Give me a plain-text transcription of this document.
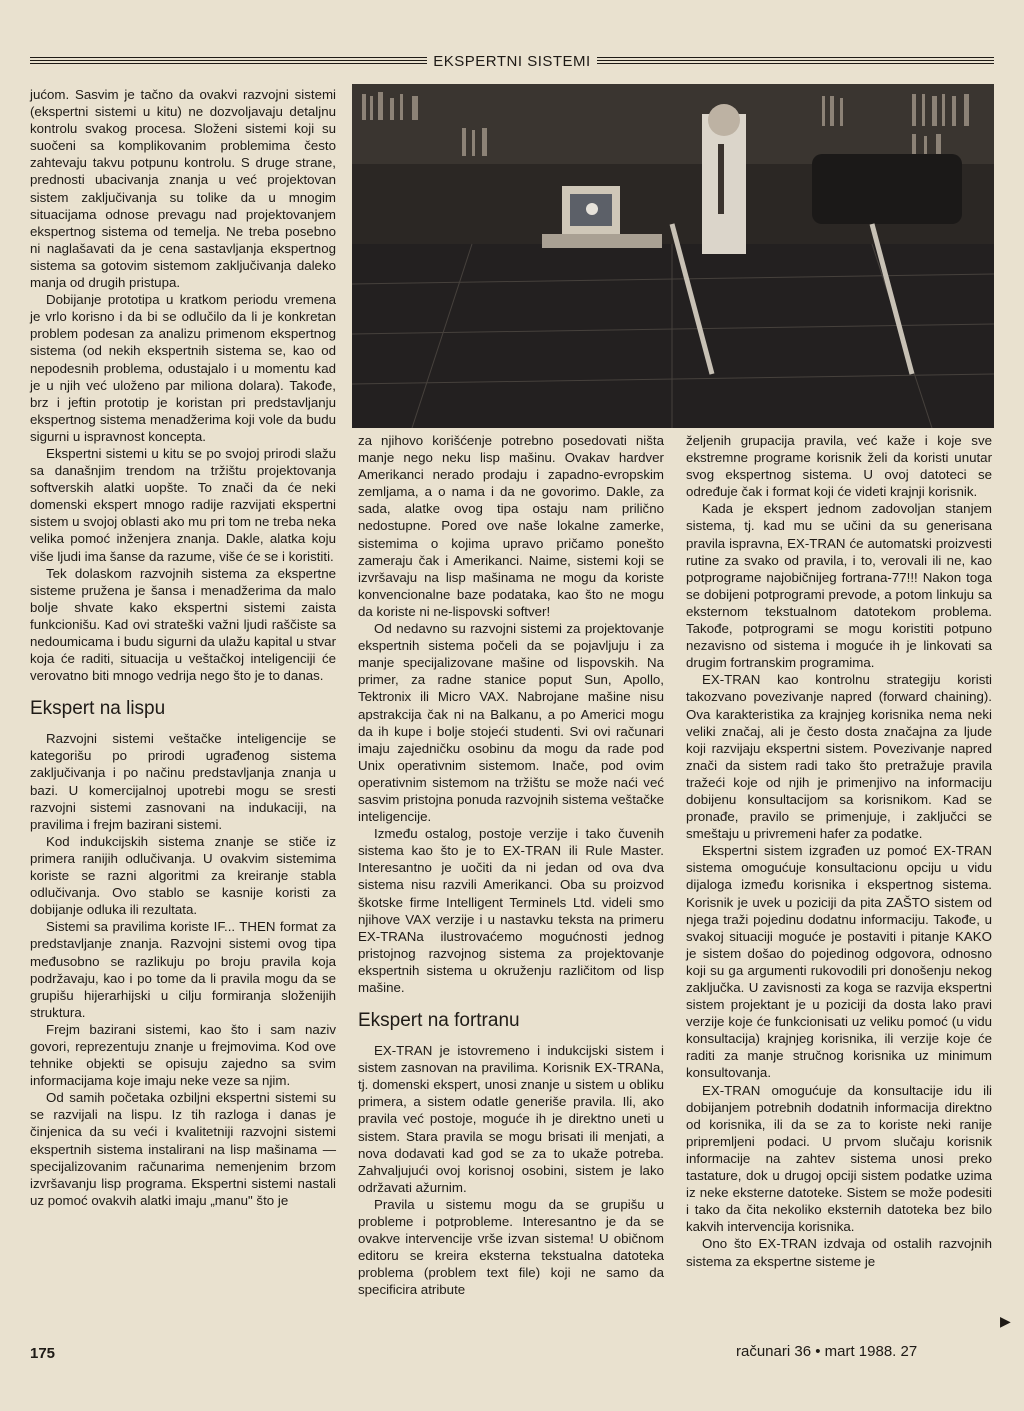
EKSPERTNI SISTEMI

jućom. Sasvim je tačno da ovakvi razvojni sistemi (ekspertni sistemi u kitu) ne dozvoljavaju detaljnu kontrolu svakog procesa. Složeni sistemi koji su suočeni sa komplikovanim problemima često zahtevaju takvu potpunu kontrolu. S druge strane, prednosti ubacivanja znanja u već projektovan sistem zaključivanja su tolike da u mnogim situacijama odnose prevagu nad projektovanjem ekspertnog sistema od temelja. Ne treba posebno ni naglašavati da je cena sastavljanja ekspertnog sistema sa gotovim sistemom zaključivanja daleko manja od drugih pristupa.

Dobijanje prototipa u kratkom periodu vremena je vrlo korisno i da bi se odlučilo da li je konkretan problem podesan za analizu primenom ekspertnog sistema (od nekih ekspertnih sistema se, kao od nepodesnih problema, odustajalo i u momentu kad je u njih već uloženo par miliona dolara). Takođe, brz i jeftin prototip je koristan pri predstavljanju ekspertnog sistema menadžerima koji vole da budu sigurni u ispravnost koncepta.

Ekspertni sistemi u kitu se po svojoj prirodi slažu sa današnjim trendom na tržištu projektovanja softverskih alatki uopšte. To znači da će neki domenski ekspert mnogo radije razvijati ekspertni sistem u svojoj oblasti ako mu pri tom ne treba neka velika pomoć inženjera znanja. Dakle, alatka koju više ljudi ima šanse da razume, više će se i koristiti.

Tek dolaskom razvojnih sistema za ekspertne sisteme pružena je šansa i menadžerima da malo bolje shvate kako ekspertni sistemi zaista funkcionišu. Kad ovi strateški važni ljudi raščiste sa nedoumicama i budu sigurni da ulažu kapital u stvar koja će raditi, situacija u veštačkoj inteligenciji će verovatno biti mnogo vedrija nego što je to danas.

Ekspert na lispu

Razvojni sistemi veštačke inteligencije se kategorišu po prirodi ugrađenog sistema zaključivanja i po načinu predstavljanja znanja u bazi. U komercijalnoj upotrebi mogu se sresti razvojni sistemi zasnovani na indukaciji, na pravilima i frejm bazirani sistemi.

Kod indukcijskih sistema znanje se stiče iz primera ranijih odlučivanja. U ovakvim sistemima koriste se razni algoritmi za kreiranje stabla odlučivanja. Ovo stablo se kasnije koristi za dobijanje odluka ili rezultata.

Sistemi sa pravilima koriste IF... THEN format za predstavljanje znanja. Razvojni sistemi ovog tipa međusobno se razlikuju po broju pravila koja podržavaju, kao i po tome da li pravila mogu da se grupišu hijerarhijski u cilju formiranja složenijih struktura.

Frejm bazirani sistemi, kao što i sam naziv govori, reprezentuju znanje u frejmovima. Kod ove tehnike objekti se opisuju zajedno sa svim informacijama koje imaju neke veze sa njim.

Od samih početaka ozbiljni ekspertni sistemi su se razvijali na lispu. Iz tih razloga i danas je činjenica da su veći i kvalitetniji razvojni sistemi ekspertnih sistema instalirani na lisp mašinama — specijalizovanim računarima nemenjenim brzom izvršavanju lisp programa. Ekspertni sistemi nastali uz pomoć ovakvih alatki imaju „manu" što je

za njihovo korišćenje potrebno posedovati ništa manje nego neku lisp mašinu. Ovakav hardver Amerikanci nerado prodaju i zapadno-evropskim zemljama, a o nama i da ne govorimo. Dakle, za sada, alatke ovog tipa ostaju nam prilično nedostupne. Pored ove naše lokalne zamerke, sistemima o kojima upravo pričamo ponešto zameraju čak i Amerikanci. Naime, sistemi koji se izvršavaju na lisp mašinama ne mogu da koriste konvencionalne baze podataka, kao što ne mogu da koriste ni ne-lispovski softver!

Od nedavno su razvojni sistemi za projektovanje ekspertnih sistema počeli da se pojavljuju i za manje specijalizovane mašine od lispovskih. Na primer, za radne stanice poput Sun, Apollo, Tektronix ili Micro VAX. Nabrojane mašine nisu apstrakcija čak ni na Balkanu, a po Americi mogu da ih kupe i bolje stojeći studenti. Svi ovi računari imaju zajedničku osobinu da mogu da rade pod Unix operativnim sistemom. Inače, pod ovim operativnim sistemom na tržištu se može naći već sasvim pristojna ponuda razvojnih sistema veštačke inteligencije.

Između ostalog, postoje verzije i tako čuvenih sistema kao što je to EX-TRAN ili Rule Master. Interesantno je uočiti da ni jedan od ova dva sistema nisu razvili Amerikanci. Oba su proizvod škotske firme Intelligent Terminels Ltd. videli smo njihove VAX verzije i u nastavku teksta na primeru EX-TRANa ilustrovaćemo mogućnosti jednog pristojnog razvojnog sistema za projektovanje ekspertnih sistema u okruženju različitom od lisp mašine.

Ekspert na fortranu

EX-TRAN je istovremeno i indukcijski sistem i sistem zasnovan na pravilima. Korisnik EX-TRANa, tj. domenski ekspert, unosi znanje u sistem u obliku primera, a sistem odatle generiše pravila. Ili, ako pravila već postoje, moguće ih je direktno uneti u sistem. Stara pravila se mogu brisati ili menjati, a nova dodavati kad god se za to ukaže potreba. Zahvaljujući ovoj korisnoj osobini, sistem je lako održavati ažurnim.

Pravila u sistemu mogu da se grupišu u probleme i potprobleme. Interesantno je da se ovakve intervencije vrše izvan sistema! U običnom editoru se kreira eksterna tekstualna datoteka problema (problem text file) koji ne samo da specificira atribute

željenih grupacija pravila, već kaže i koje sve ekstremne programe korisnik želi da koristi unutar svog ekspertnog sistema. U ovoj datoteci se određuje čak i format koji će videti krajnji korisnik.

Kada je ekspert jednom zadovoljan stanjem sistema, tj. kad mu se učini da su generisana pravila ispravna, EX-TRAN će automatski proizvesti rutine za svako od pravila, i to, verovali ili ne, kao potprograme najobičnijeg fortrana-77!!! Nakon toga se dobijeni potprogrami prevode, a potom linkuju sa eksternom tekstualnom datotekom problema. Takođe, potprogrami se mogu koristiti potpuno nezavisno od sistema i moguće ih je linkovati sa drugim fortranskim programima.

EX-TRAN kao kontrolnu strategiju koristi takozvano povezivanje napred (forward chaining). Ova karakteristika za krajnjeg korisnika nema neki veliki značaj, ali je često dosta značajna za ljude koji razvijaju ekspertni sistem. Povezivanje napred znači da sistem radi tako što pretražuje pravila tražeći koje od njih je primenjivo na informaciju dobijenu konsultacijom sa korisnikom. Kad se pronađe, pravilo se primenjuje, i zaključci se smeštaju u privremeni hafer za podatke.

Ekspertni sistem izgrađen uz pomoć EX-TRAN sistema omogućuje konsultacionu opciju u vidu dijaloga između korisnika i ekspertnog sistema. Korisnik je uvek u poziciji da pita ZAŠTO sistem od njega traži pojedinu dodatnu informaciju. Takođe, u svakoj situaciji moguće je postaviti i pitanje KAKO je sistem došao do pojedinog odgovora, odnosno koji su ga argumenti rukovodili pri donošenju nekog zaključka. U zavisnosti za koga se razvija ekspertni sistem projektant je u poziciji da dosta lako pravi verzije koje će funkcionisati uz veliku pomoć (u vidu konsultacija) krajnjeg korisnika, ili verzije koje će raditi za manje stručnog korisnika uz minimum konsultovanja.

EX-TRAN omogućuje da konsultacije idu ili dobijanjem potrebnih dodatnih informacija direktno od korisnika, ili da se za to koriste neki ranije pripremljeni podaci. U prvom slučaju korisnik informacije na zahtev sistema unosi preko tastature, dok u drugoj opciji sistem podatke uzima iz neke eksterne datoteke. Sistem se može podesiti i tako da čita nekoliko eksternih datoteka bez bilo kakvih intervencija korisnika.

Ono što EX-TRAN izdvaja od ostalih razvojnih sistema za ekspertne sisteme je

175
▶
računari 36 • mart 1988. 27
